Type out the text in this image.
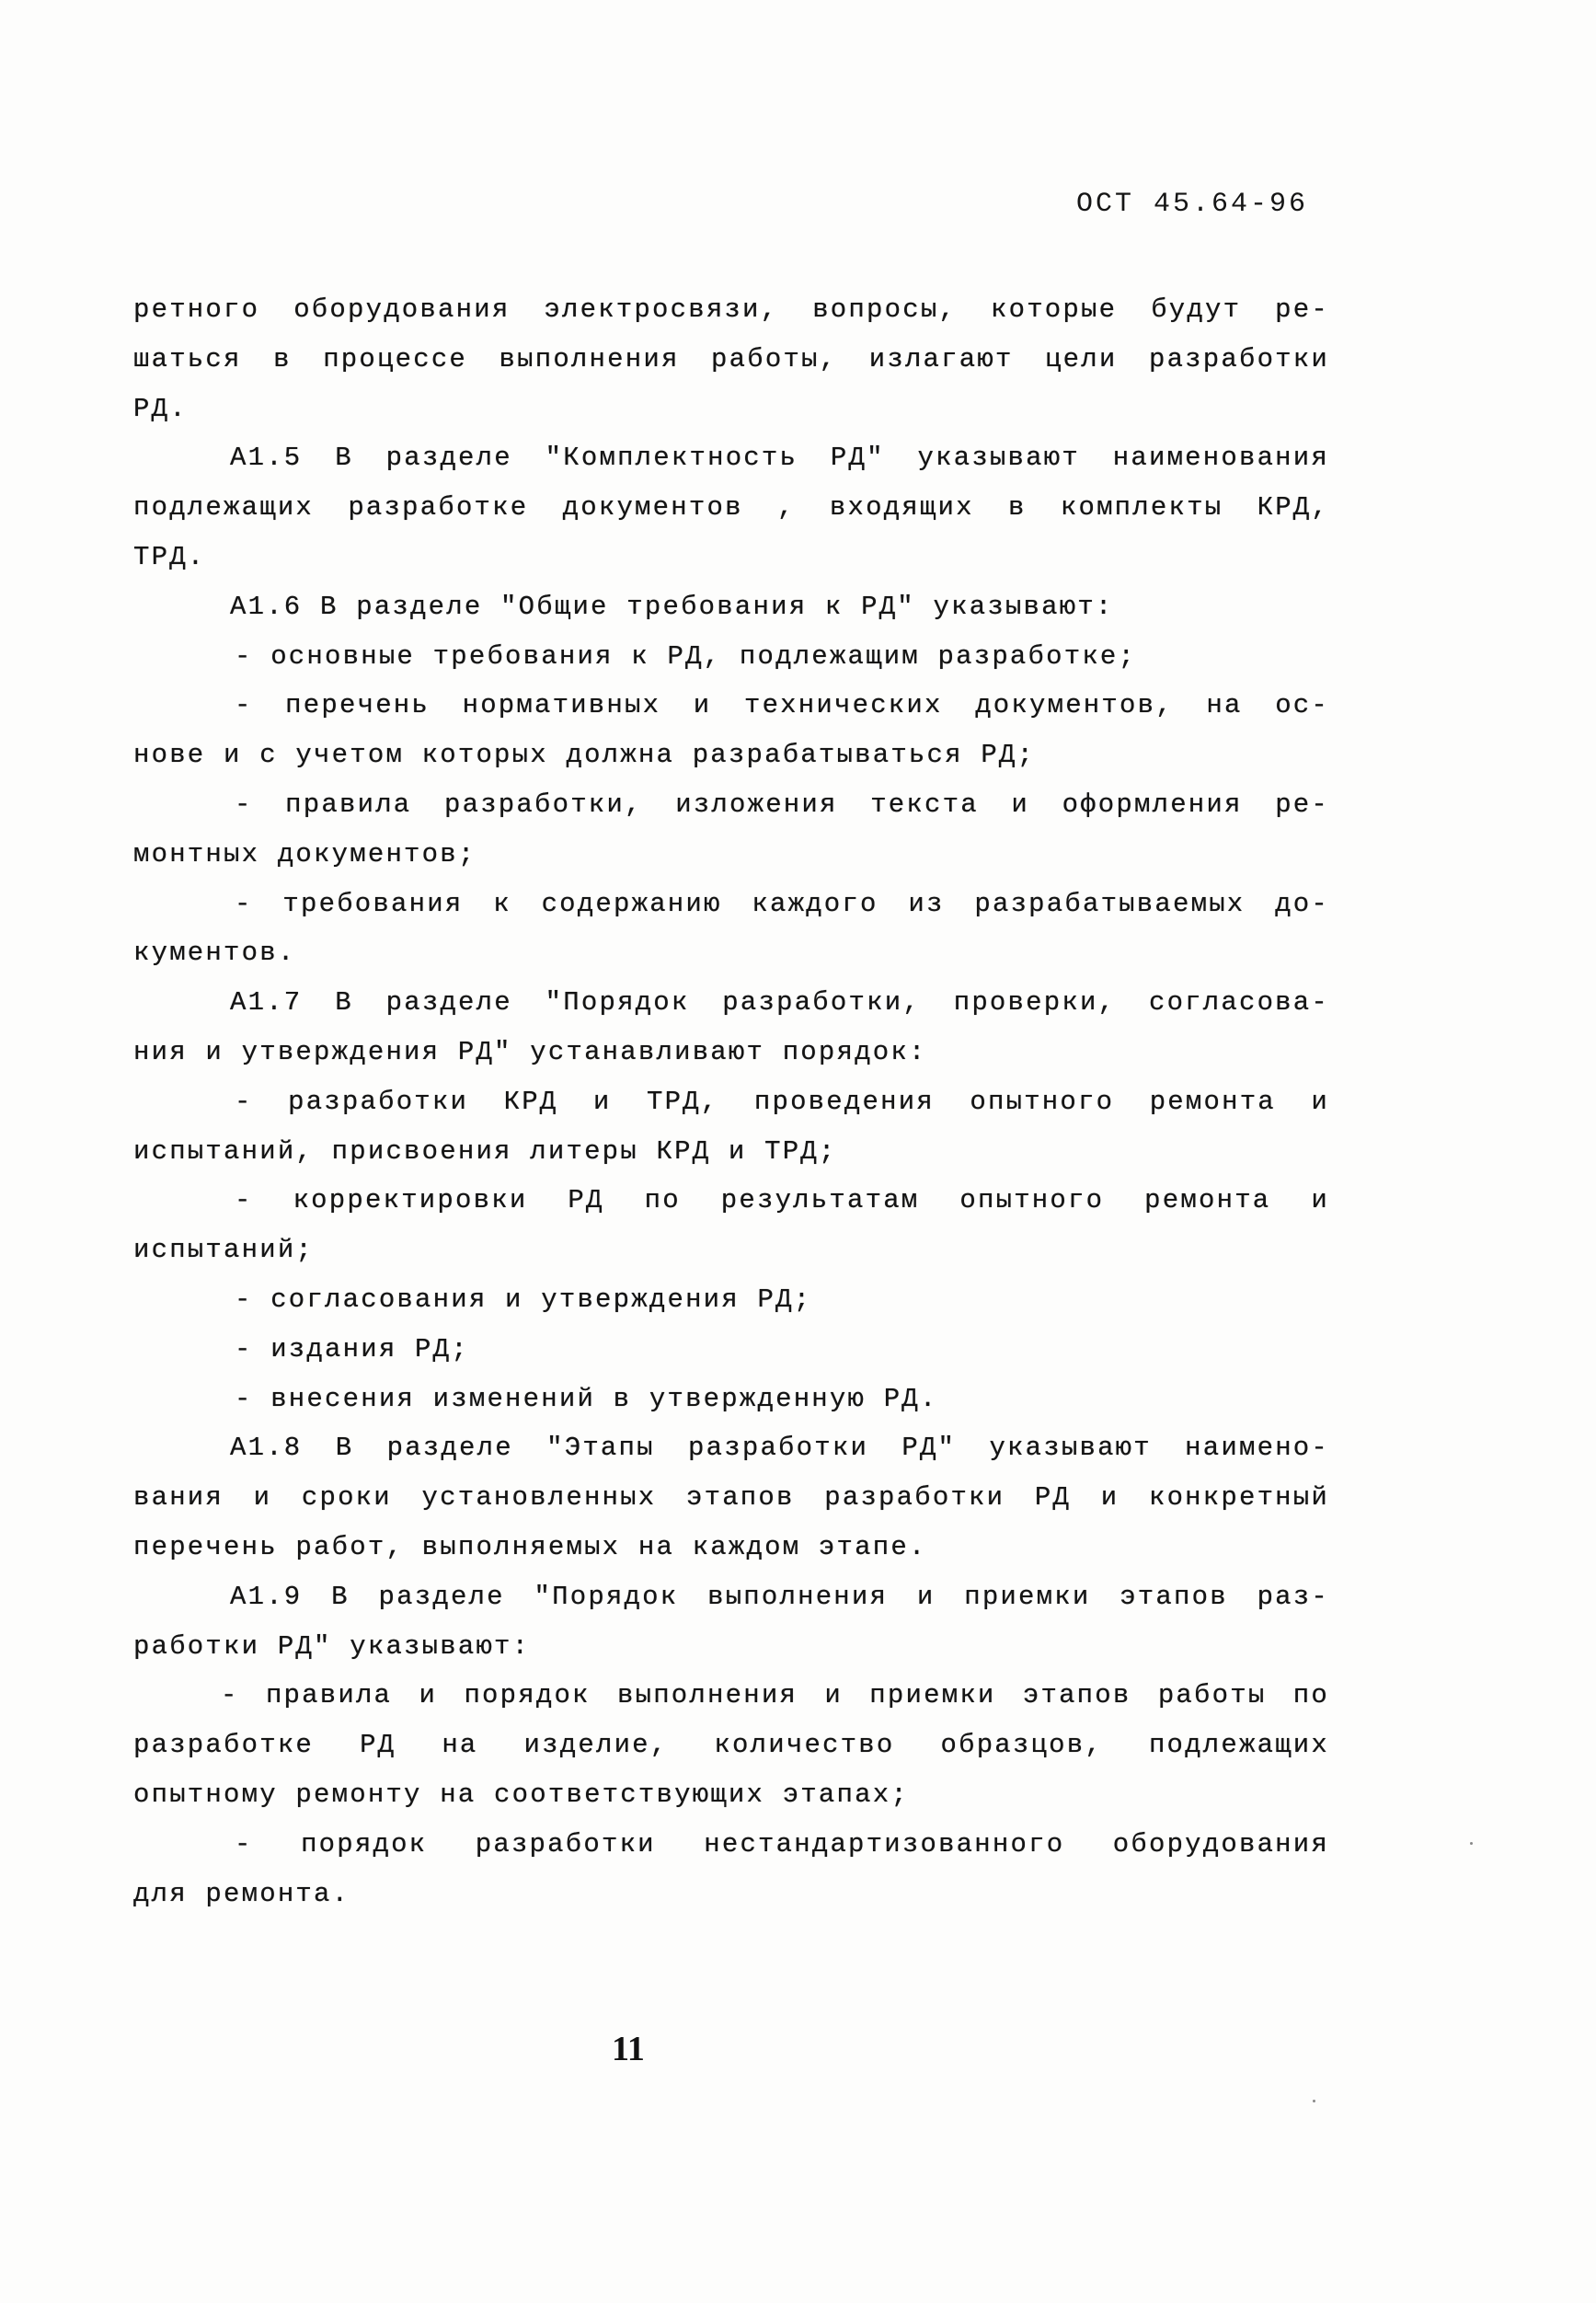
ОСТ 45.64-96
ретного оборудования электросвязи, вопросы, которые будут ре-
шаться в процессе выполнения работы, излагают цели разработки
РД.
А1.5 В разделе "Комплектность РД" указывают наименования
подлежащих разработке документов , входящих в комплекты КРД,
ТРД.
А1.6 В разделе "Общие требования к РД" указывают:
- основные требования к РД, подлежащим разработке;
- перечень нормативных и технических документов, на ос-
нове и с учетом которых должна разрабатываться РД;
- правила разработки, изложения текста и оформления ре-
монтных документов;
- требования к содержанию каждого из разрабатываемых до-
кументов.
А1.7 В разделе "Порядок разработки, проверки, согласова-
ния и утверждения РД" устанавливают порядок:
- разработки КРД и ТРД, проведения опытного ремонта и
испытаний, присвоения литеры КРД и ТРД;
- корректировки РД по результатам опытного ремонта и
испытаний;
- согласования и утверждения РД;
- издания РД;
- внесения изменений в утвержденную РД.
А1.8 В разделе "Этапы разработки РД" указывают наимено-
вания и сроки установленных этапов разработки РД и конкретный
перечень работ, выполняемых на каждом этапе.
А1.9 В разделе "Порядок выполнения и приемки этапов раз-
работки РД" указывают:
- правила и порядок выполнения и приемки этапов работы по
разработке РД на изделие, количество образцов, подлежащих
опытному ремонту на соответствующих этапах;
- порядок разработки нестандартизованного оборудования
для ремонта.
11
